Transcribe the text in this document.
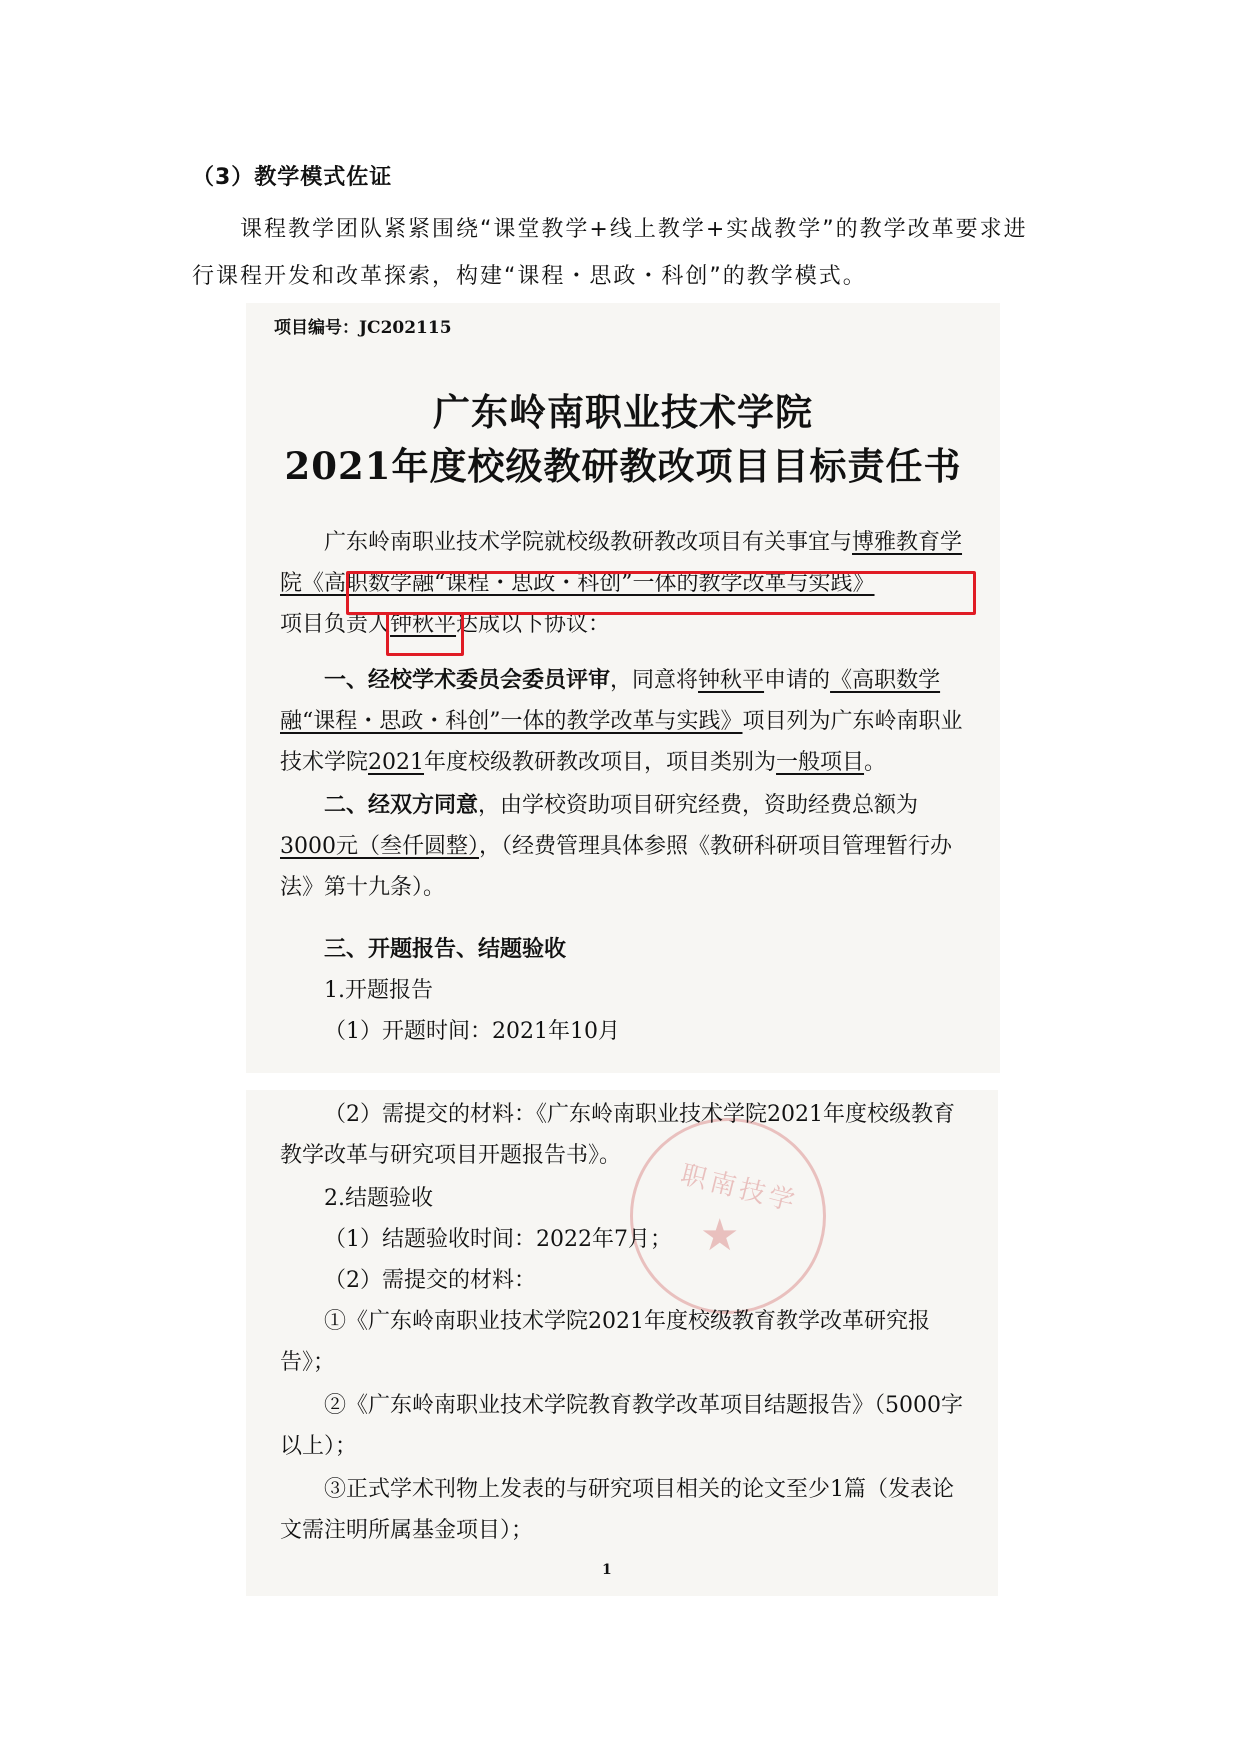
（3）教学模式佐证
课程教学团队紧紧围绕“课堂教学+线上教学+实战教学”的教学改革要求进
行课程开发和改革探索，构建“课程・思政・科创”的教学模式。
项目编号：JC202115
广东岭南职业技术学院
2021年度校级教研教改项目目标责任书
广东岭南职业技术学院就校级教研教改项目有关事宜与博雅教育学院《高职数学融“课程・思政・科创”一体的教学改革与实践》
项目负责人钟秋平达成以下协议：
一、经校学术委员会委员评审，同意将钟秋平申请的《高职数学融“课程・思政・科创”一体的教学改革与实践》项目列为广东岭南职业技术学院2021年度校级教研教改项目，项目类别为一般项目。
二、经双方同意，由学校资助项目研究经费，资助经费总额为3000元（叁仟圆整），（经费管理具体参照《教研科研项目管理暂行办法》第十九条）。
三、开题报告、结题验收
1.开题报告
（1）开题时间：2021年10月
职南技学
★
（2）需提交的材料：《广东岭南职业技术学院2021年度校级教育教学改革与研究项目开题报告书》。
2.结题验收
（1）结题验收时间：2022年7月；
（2）需提交的材料：
①《广东岭南职业技术学院2021年度校级教育教学改革研究报告》；
②《广东岭南职业技术学院教育教学改革项目结题报告》（5000字以上）；
③正式学术刊物上发表的与研究项目相关的论文至少1篇（发表论文需注明所属基金项目）；
1
